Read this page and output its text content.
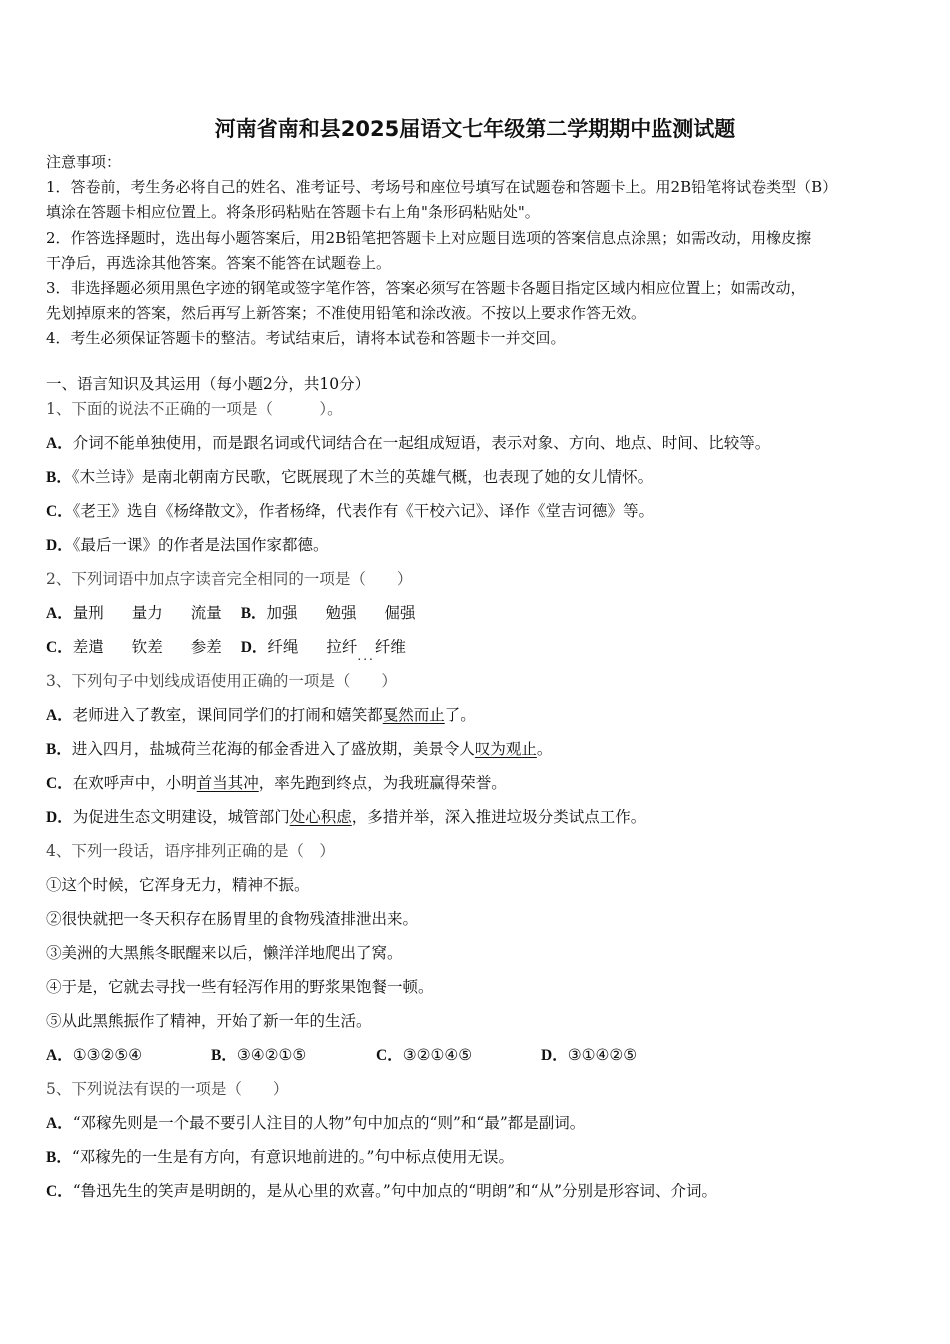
河南省南和县2025届语文七年级第二学期期中监测试题
注意事项：
1．答卷前，考生务必将自己的姓名、准考证号、考场号和座位号填写在试题卷和答题卡上。用2B铅笔将试卷类型（B）
填涂在答题卡相应位置上。将条形码粘贴在答题卡右上角"条形码粘贴处"。
2．作答选择题时，选出每小题答案后，用2B铅笔把答题卡上对应题目选项的答案信息点涂黑；如需改动，用橡皮擦
干净后，再选涂其他答案。答案不能答在试题卷上。
3．非选择题必须用黑色字迹的钢笔或签字笔作答，答案必须写在答题卡各题目指定区域内相应位置上；如需改动，
先划掉原来的答案，然后再写上新答案；不准使用铅笔和涂改液。不按以上要求作答无效。
4．考生必须保证答题卡的整洁。考试结束后，请将本试卷和答题卡一并交回。
一、语言知识及其运用（每小题2分，共10分）
1、下面的说法不正确的一项是（　　　）。
A．介词不能单独使用，而是跟名词或代词结合在一起组成短语，表示对象、方向、地点、时间、比较等。
B．《木兰诗》是南北朝南方民歌，它既展现了木兰的英雄气概，也表现了她的女儿情怀。
C．《老王》选自《杨绛散文》，作者杨绛，代表作有《干校六记》、译作《堂吉诃德》等。
D．《最后一课》的作者是法国作家都德。
2、下列词语中加点字读音完全相同的一项是（　　）
A．量刑 量力 流量 B．加强 勉强 倔强
C．差遣 钦差 参差 D．纤绳 拉纤...纤维
3、下列句子中划线成语使用正确的一项是（　　）
A．老师进入了教室，课间同学们的打闹和嬉笑都戛然而止了。
B．进入四月，盐城荷兰花海的郁金香进入了盛放期，美景令人叹为观止。
C．在欢呼声中，小明首当其冲，率先跑到终点，为我班赢得荣誉。
D．为促进生态文明建设，城管部门处心积虑，多措并举，深入推进垃圾分类试点工作。
4、下列一段话，语序排列正确的是（　）
①这个时候，它浑身无力，精神不振。
②很快就把一冬天积存在肠胃里的食物残渣排泄出来。
③美洲的大黑熊冬眠醒来以后，懒洋洋地爬出了窝。
④于是，它就去寻找一些有轻泻作用的野浆果饱餐一顿。
⑤从此黑熊振作了精神，开始了新一年的生活。
A．①③②⑤④	B．③④②①⑤	C．③②①④⑤	D．③①④②⑤
5、下列说法有误的一项是（　　）
A．“邓稼先则是一个最不要引人注目的人物”句中加点的“则”和“最”都是副词。
B．“邓稼先的一生是有方向，有意识地前进的。”句中标点使用无误。
C．“鲁迅先生的笑声是明朗的，是从心里的欢喜。”句中加点的“明朗”和“从”分别是形容词、介词。
